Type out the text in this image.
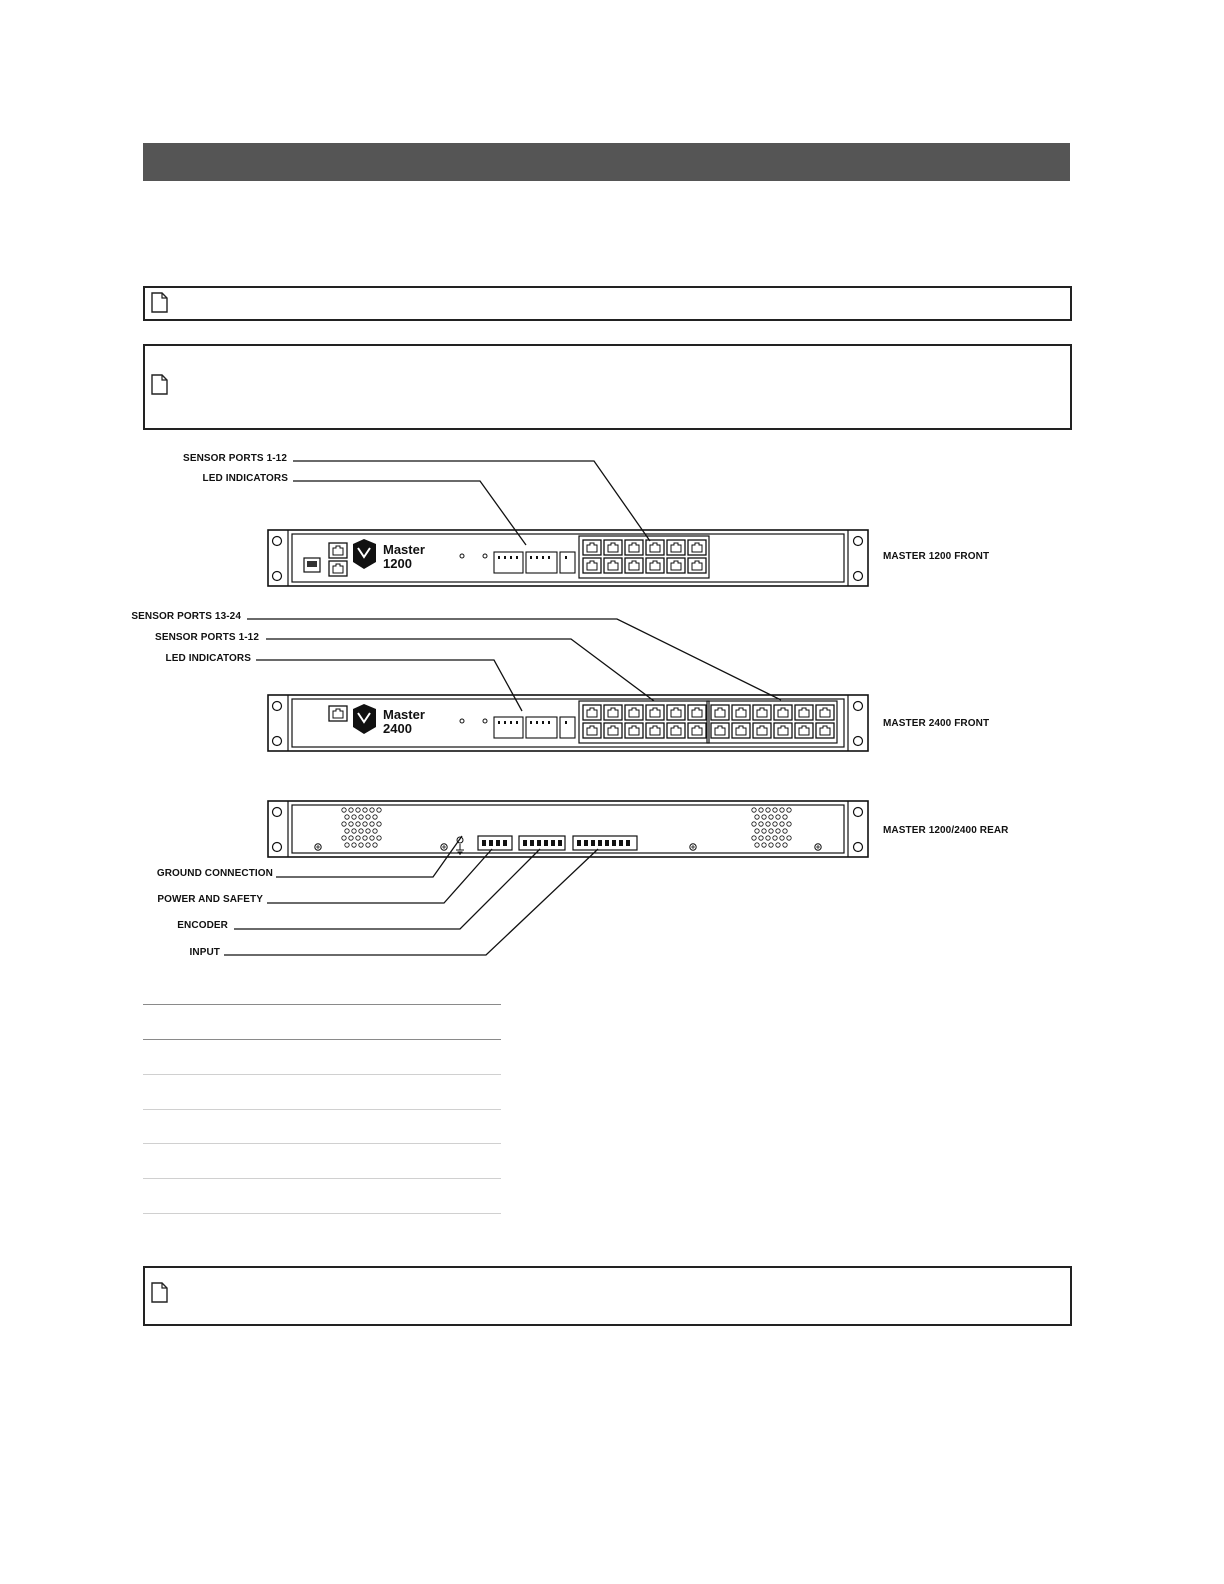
Master
1200
Master
2400
SENSOR PORTS 1-12
LED INDICATORS
MASTER 1200 FRONT
SENSOR PORTS 13-24
SENSOR PORTS 1-12
LED INDICATORS
MASTER 2400 FRONT
MASTER 1200/2400 REAR
GROUND CONNECTION
POWER AND SAFETY
ENCODER
INPUT
